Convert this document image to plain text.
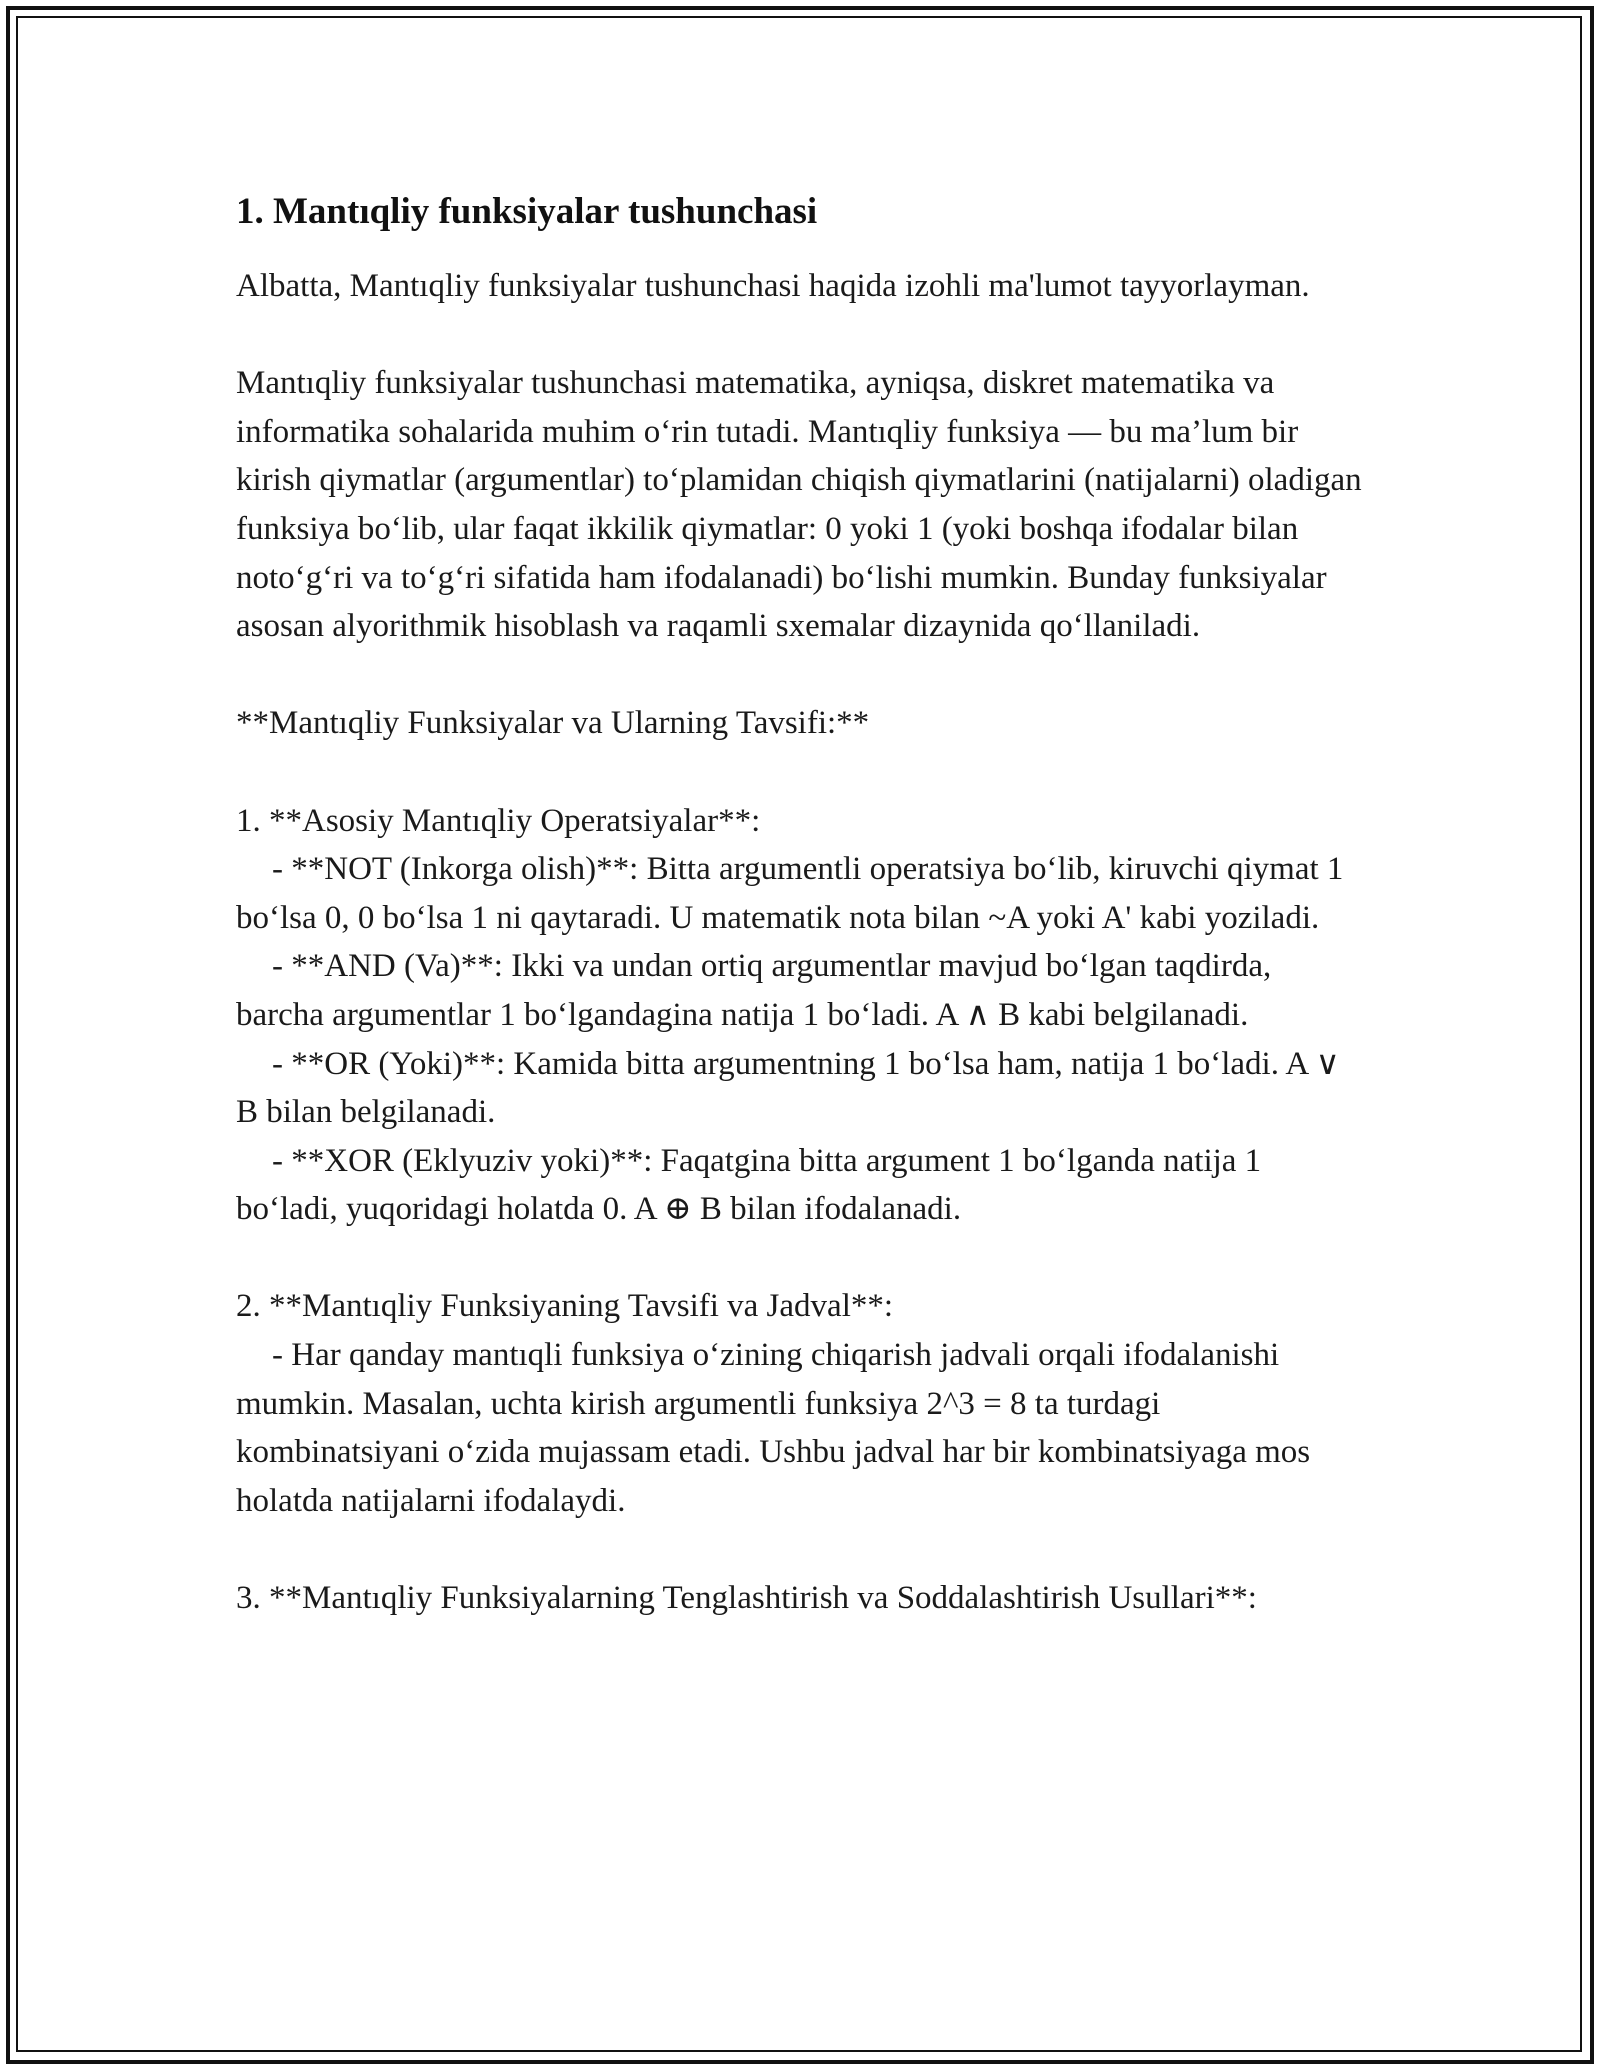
1. Mantıqliy funksiyalar tushunchasi

Albatta, Mantıqliy funksiyalar tushunchasi haqida izohli ma'lumot tayyorlayman.

Mantıqliy funksiyalar tushunchasi matematika, ayniqsa, diskret matematika va informatika sohalarida muhim o‘rin tutadi. Mantıqliy funksiya — bu ma’lum bir kirish qiymatlar (argumentlar) to‘plamidan chiqish qiymatlarini (natijalarni) oladigan funksiya bo‘lib, ular faqat ikkilik qiymatlar: 0 yoki 1 (yoki boshqa ifodalar bilan noto‘g‘ri va to‘g‘ri sifatida ham ifodalanadi) bo‘lishi mumkin. Bunday funksiyalar asosan alyorithmik hisoblash va raqamli sxemalar dizaynida qo‘llaniladi.

**Mantıqliy Funksiyalar va Ularning Tavsifi:**

1. **Asosiy Mantıqliy Operatsiyalar**:

- **NOT (Inkorga olish)**: Bitta argumentli operatsiya bo‘lib, kiruvchi qiymat 1 bo‘lsa 0, 0 bo‘lsa 1 ni qaytaradi. U matematik nota bilan ~A yoki A' kabi yoziladi.

- **AND (Va)**: Ikki va undan ortiq argumentlar mavjud bo‘lgan taqdirda, barcha argumentlar 1 bo‘lgandagina natija 1 bo‘ladi. A ∧ B kabi belgilanadi.

- **OR (Yoki)**: Kamida bitta argumentning 1 bo‘lsa ham, natija 1 bo‘ladi. A ∨ B bilan belgilanadi.

- **XOR (Eklyuziv yoki)**: Faqatgina bitta argument 1 bo‘lganda natija 1 bo‘ladi, yuqoridagi holatda 0. A ⊕ B bilan ifodalanadi.

2. **Mantıqliy Funksiyaning Tavsifi va Jadval**:

- Har qanday mantıqli funksiya o‘zining chiqarish jadvali orqali ifodalanishi mumkin. Masalan, uchta kirish argumentli funksiya 2^3 = 8 ta turdagi kombinatsiyani o‘zida mujassam etadi. Ushbu jadval har bir kombinatsiyaga mos holatda natijalarni ifodalaydi.

3. **Mantıqliy Funksiyalarning Tenglashtirish va Soddalashtirish Usullari**:
